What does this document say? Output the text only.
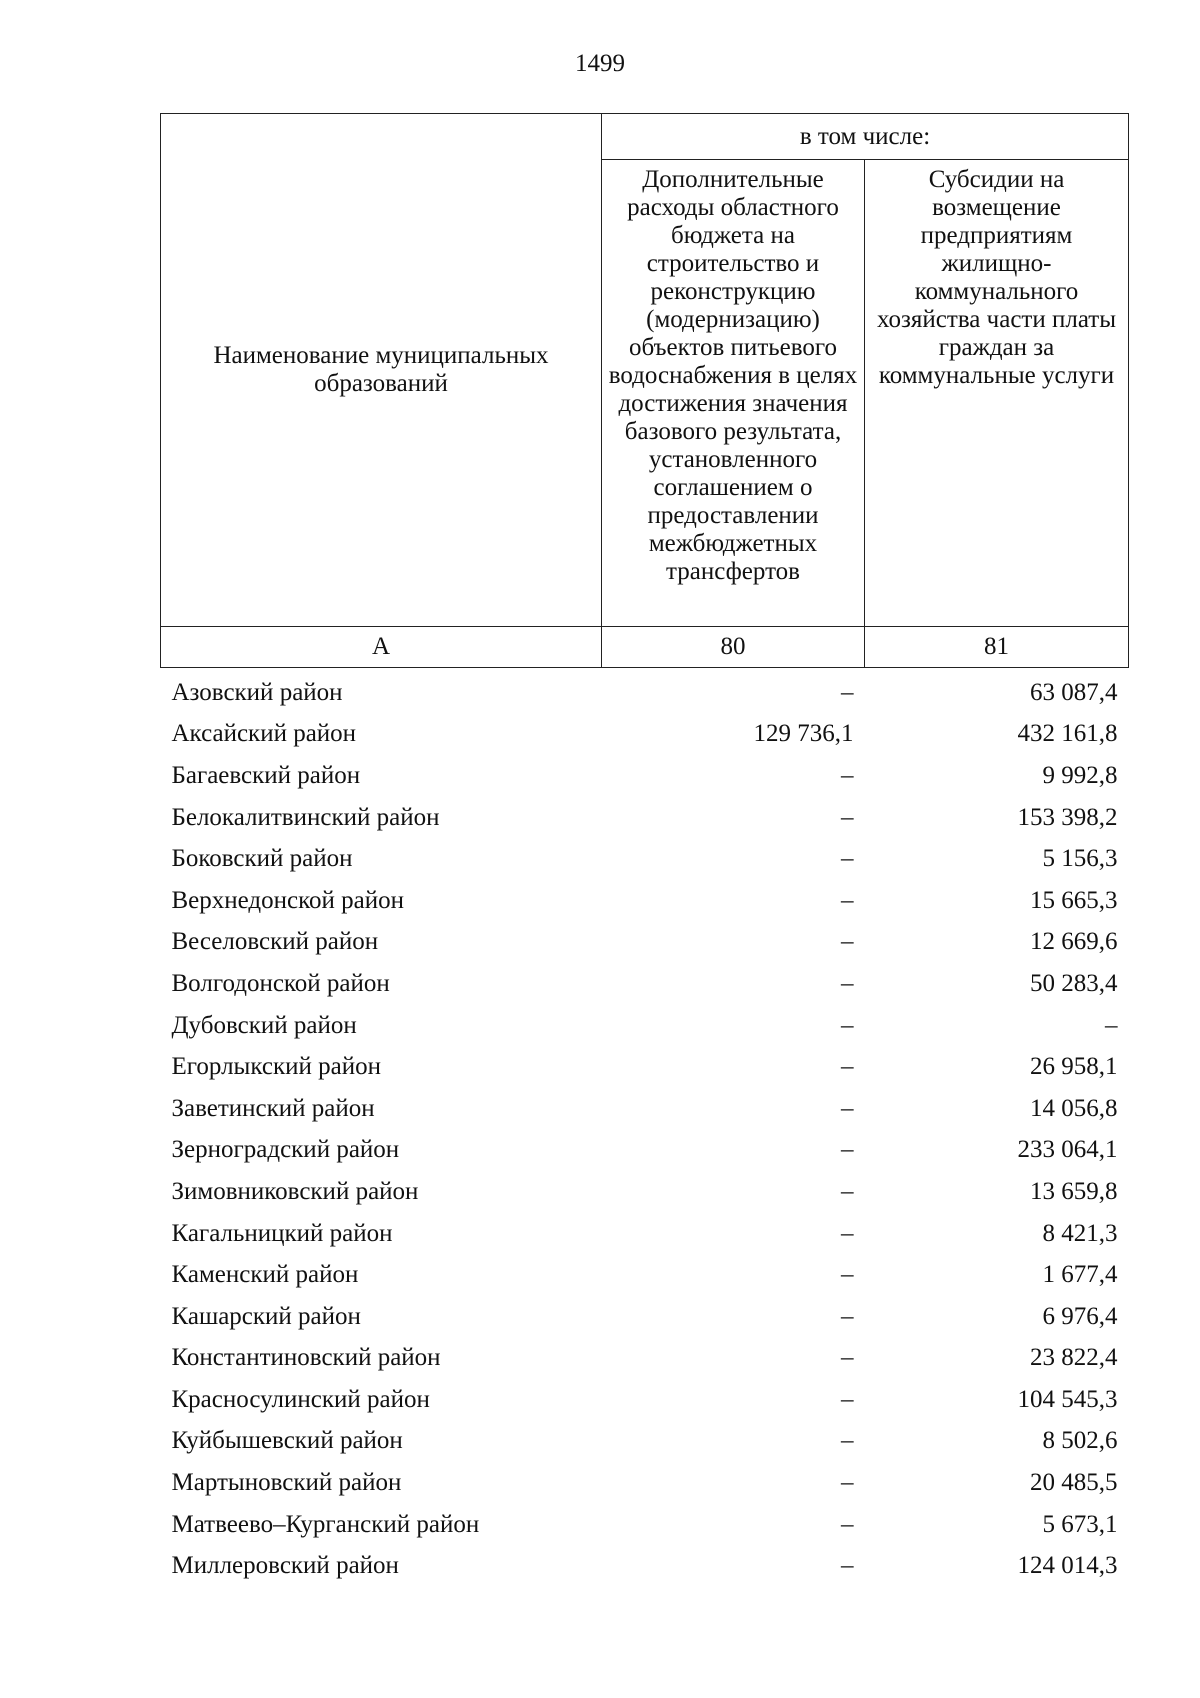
1499
Наименование муниципальных образований	в том числе:	
	Дополнительные расходы областного бюджета на строительство и реконструкцию (модернизацию) объектов питьевого водоснабжения в целях достижения значения базового результата, установленного соглашением о предоставлении межбюджетных трансфертов	Субсидии на возмещение предприятиям жилищно-коммунального хозяйства части платы граждан за коммунальные услуги
А	80	81
Азовский район	–	63 087,4
Аксайский район	129 736,1	432 161,8
Багаевский район	–	9 992,8
Белокалитвинский район	–	153 398,2
Боковский район	–	5 156,3
Верхнедонской район	–	15 665,3
Веселовский район	–	12 669,6
Волгодонской район	–	50 283,4
Дубовский район	–	–
Егорлыкский район	–	26 958,1
Заветинский район	–	14 056,8
Зерноградский район	–	233 064,1
Зимовниковский район	–	13 659,8
Кагальницкий район	–	8 421,3
Каменский район	–	1 677,4
Кашарский район	–	6 976,4
Константиновский район	–	23 822,4
Красносулинский район	–	104 545,3
Куйбышевский район	–	8 502,6
Мартыновский район	–	20 485,5
Матвеево–Курганский район	–	5 673,1
Миллеровский район	–	124 014,3
